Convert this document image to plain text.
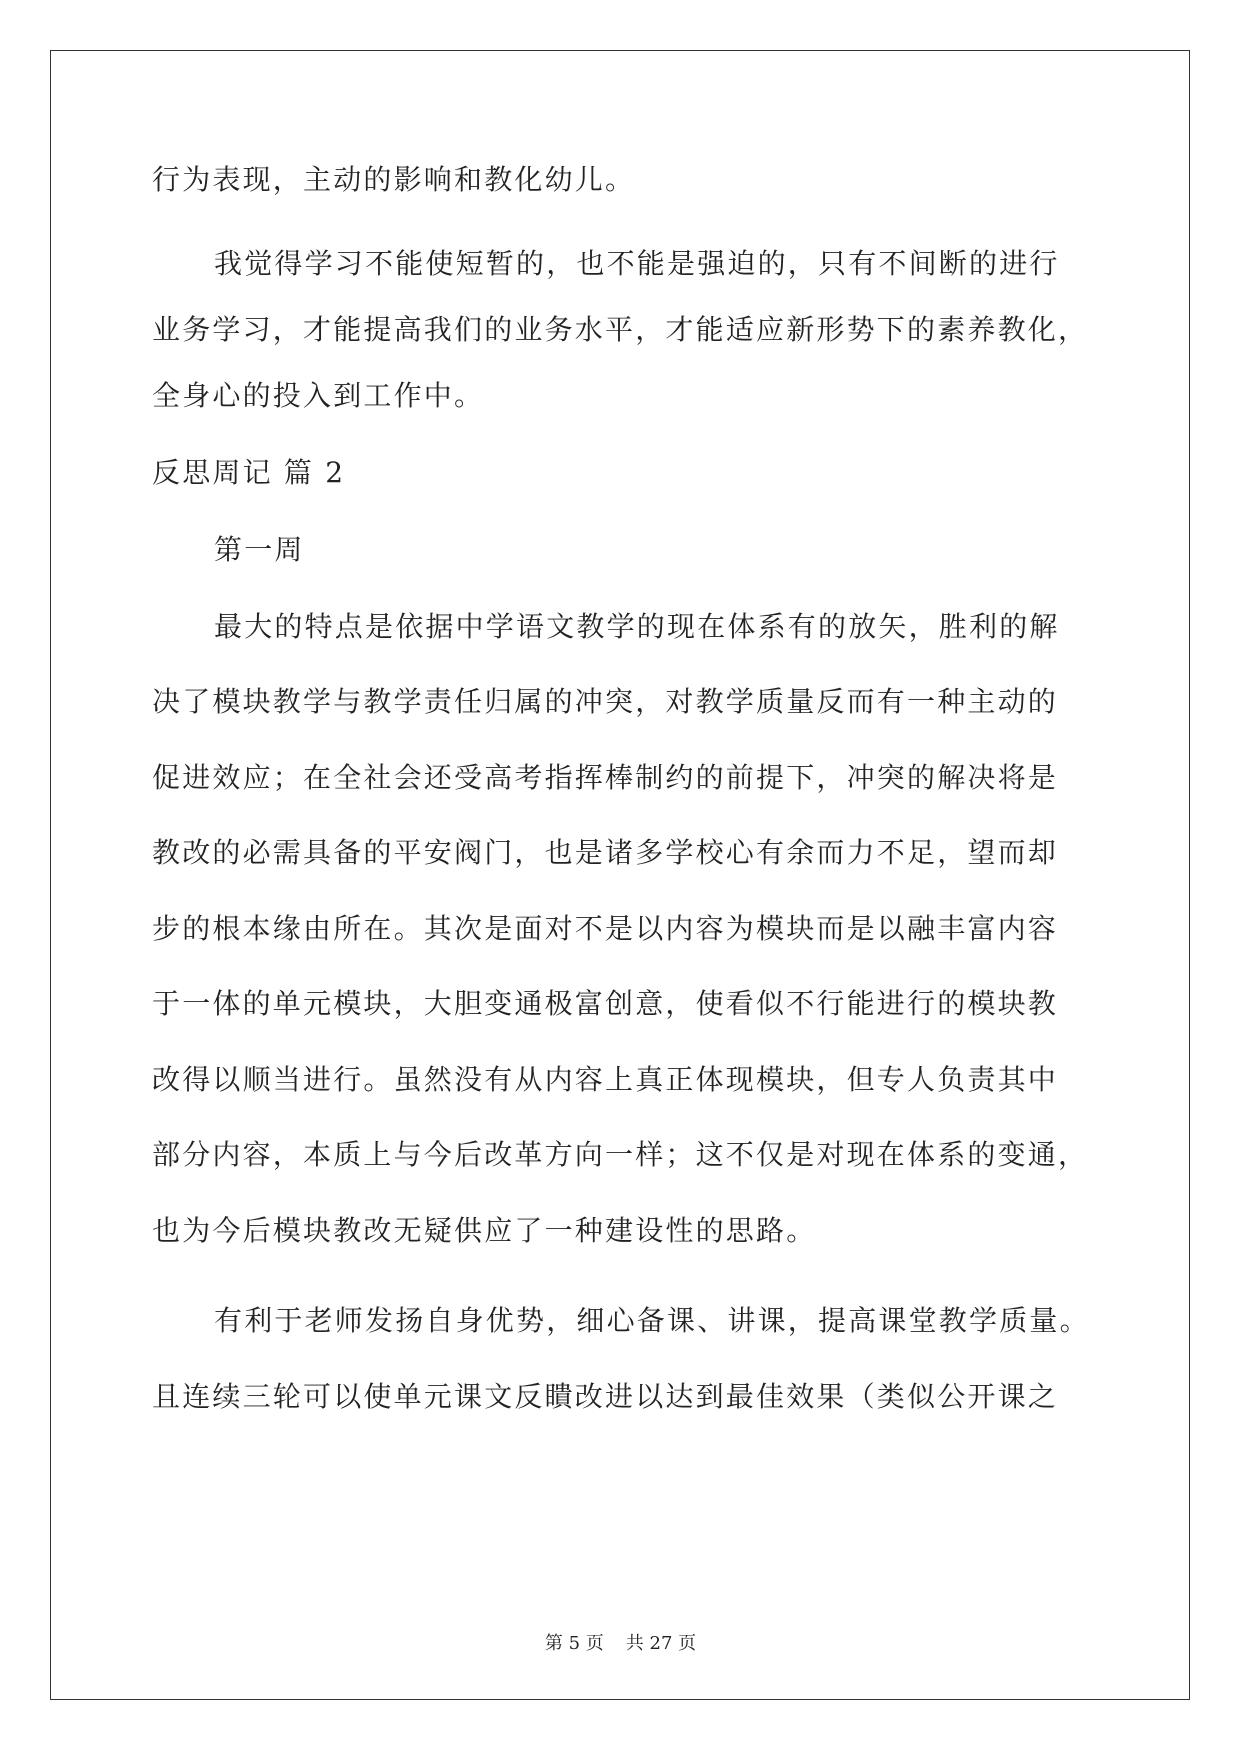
行为表现，主动的影响和教化幼儿。
我觉得学习不能使短暂的，也不能是强迫的，只有不间断的进行
业务学习，才能提高我们的业务水平，才能适应新形势下的素养教化，
全身心的投入到工作中。
反思周记 篇 2
第一周
最大的特点是依据中学语文教学的现在体系有的放矢，胜利的解
决了模块教学与教学责任归属的冲突，对教学质量反而有一种主动的
促进效应；在全社会还受高考指挥棒制约的前提下，冲突的解决将是
教改的必需具备的平安阀门，也是诸多学校心有余而力不足，望而却
步的根本缘由所在。其次是面对不是以内容为模块而是以融丰富内容
于一体的单元模块，大胆变通极富创意，使看似不行能进行的模块教
改得以顺当进行。虽然没有从内容上真正体现模块，但专人负责其中
部分内容，本质上与今后改革方向一样；这不仅是对现在体系的变通，
也为今后模块教改无疑供应了一种建设性的思路。
有利于老师发扬自身优势，细心备课、讲课，提高课堂教学质量。
且连续三轮可以使单元课文反瞶改进以达到最佳效果（类似公开课之
第 5 页 共 27 页
